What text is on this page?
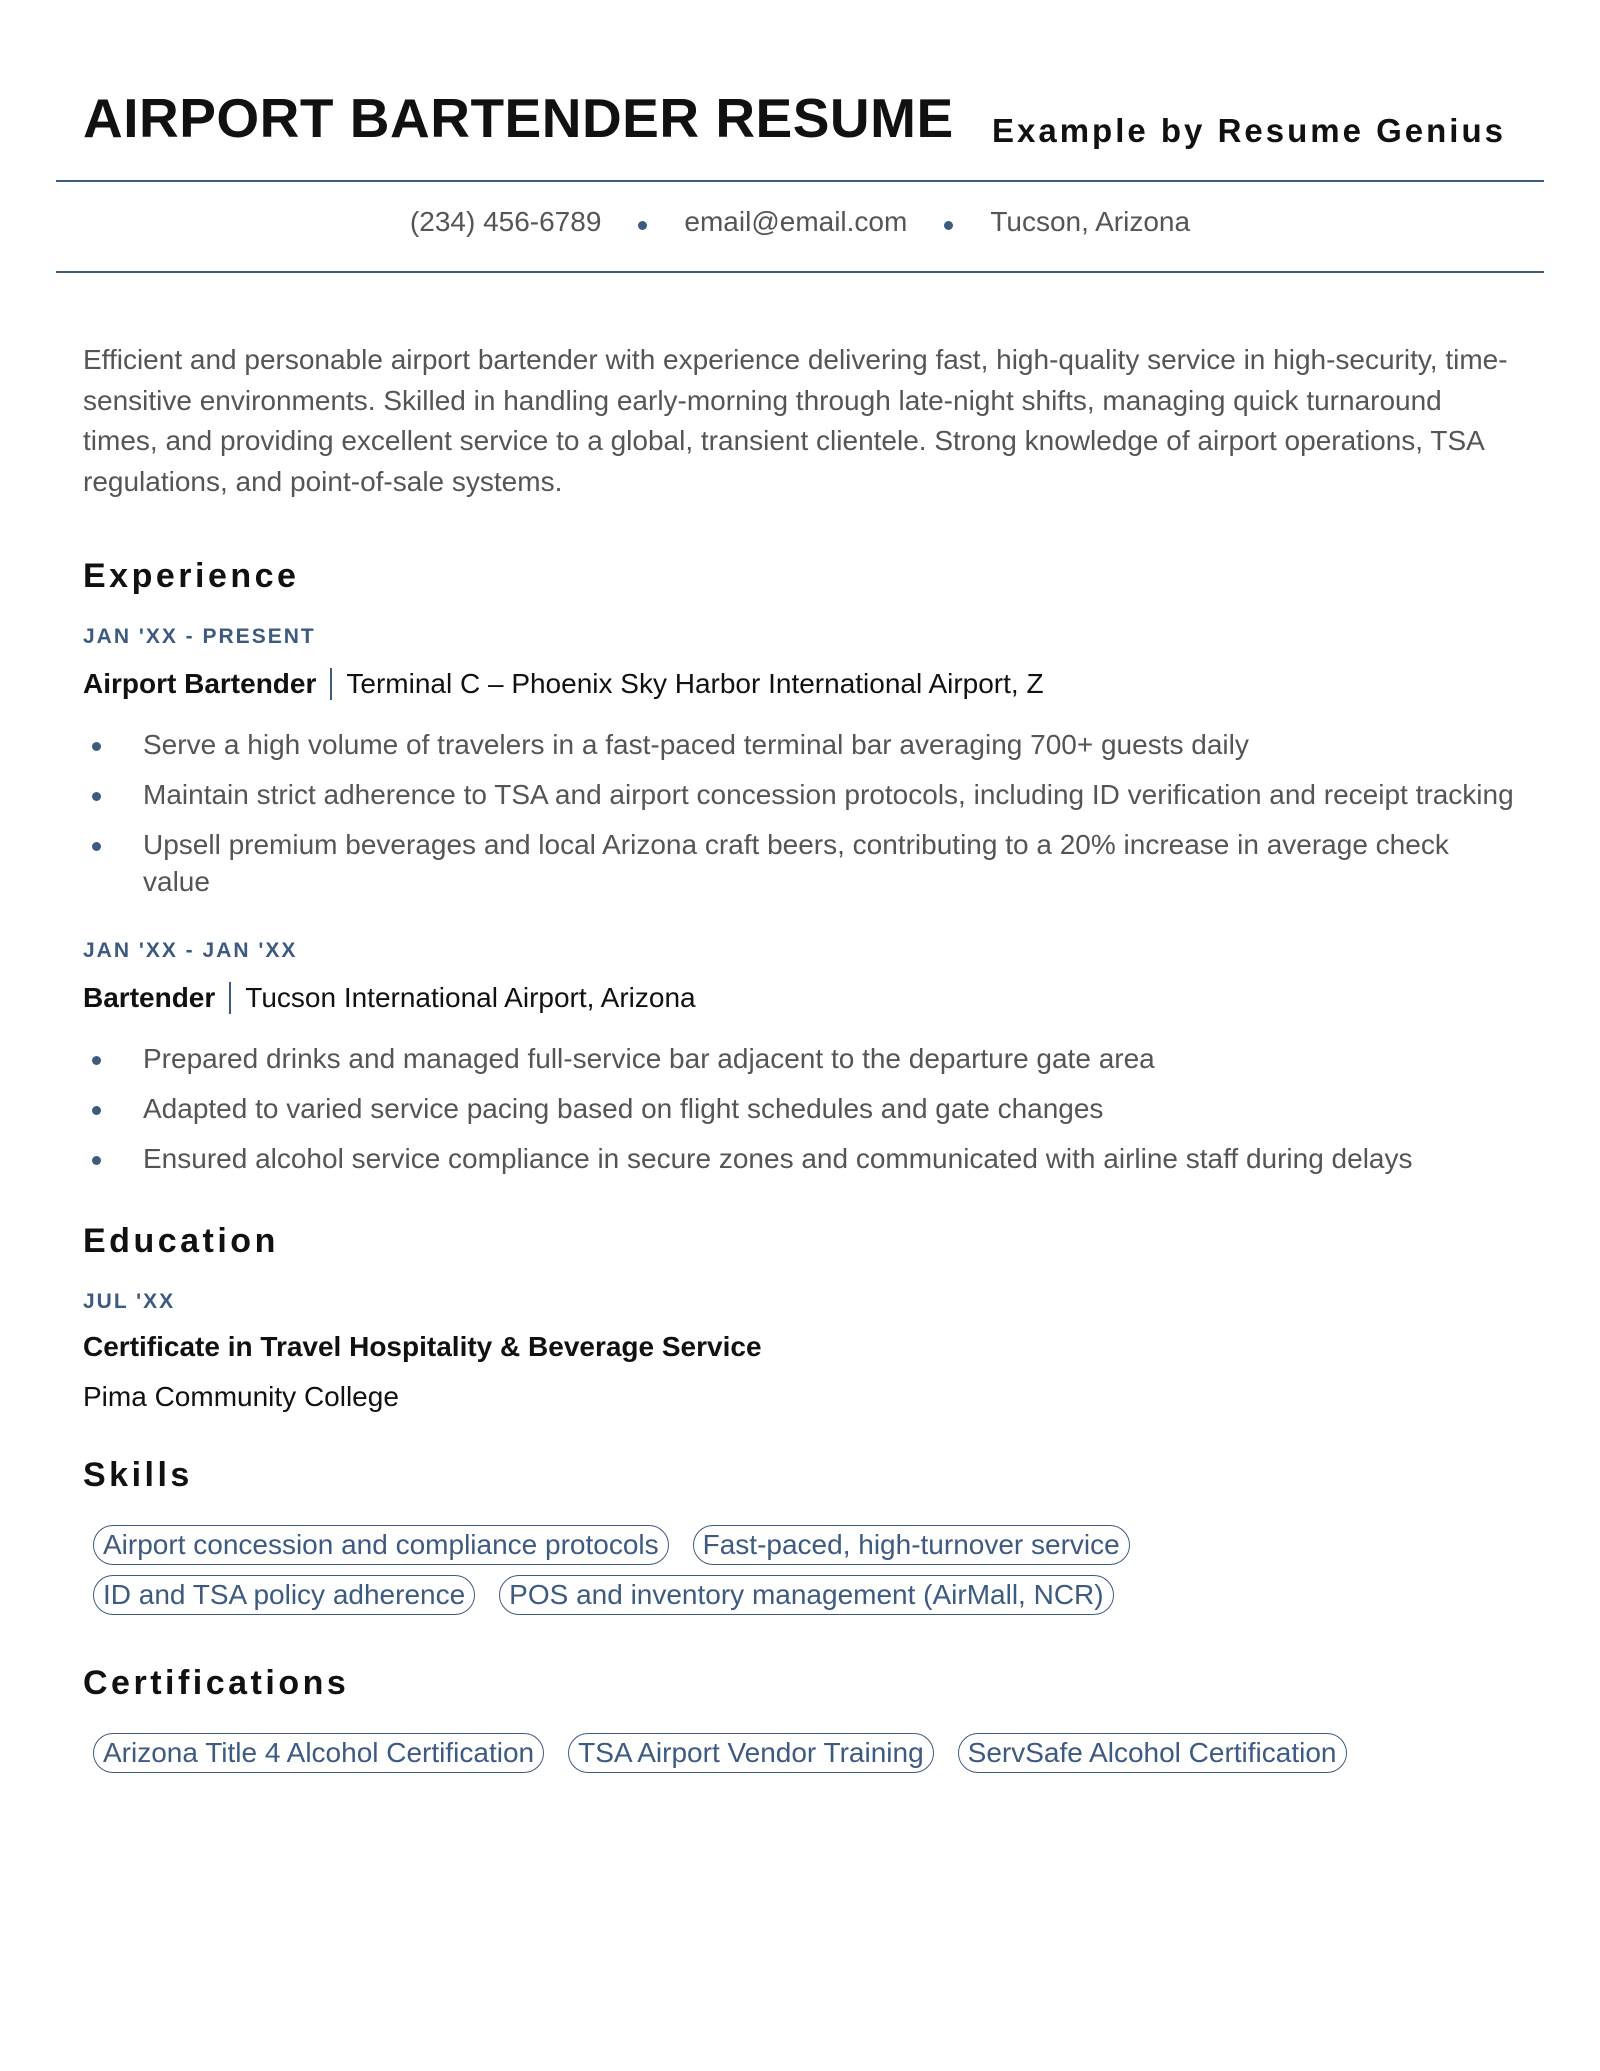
AIRPORT BARTENDER RESUME Example by Resume Genius
(234) 456-6789	email@email.com	Tucson, Arizona

Efficient and personable airport bartender with experience delivering fast, high-quality service in high-security, time-sensitive environments. Skilled in handling early-morning through late-night shifts, managing quick turnaround times, and providing excellent service to a global, transient clientele. Strong knowledge of airport operations, TSA regulations, and point-of-sale systems.

Experience
JAN 'XX - PRESENT
Airport Bartender Terminal C – Phoenix Sky Harbor International Airport, Z
Serve a high volume of travelers in a fast-paced terminal bar averaging 700+ guests daily
Maintain strict adherence to TSA and airport concession protocols, including ID verification and receipt tracking
Upsell premium beverages and local Arizona craft beers, contributing to a 20% increase in average check value
JAN 'XX - JAN 'XX
Bartender Tucson International Airport, Arizona
Prepared drinks and managed full-service bar adjacent to the departure gate area
Adapted to varied service pacing based on flight schedules and gate changes
Ensured alcohol service compliance in secure zones and communicated with airline staff during delays
Education
JUL 'XX
Certificate in Travel Hospitality & Beverage Service
Pima Community College
Skills
Airport concession and compliance protocols	Fast-paced, high-turnover service
ID and TSA policy adherence	POS and inventory management (AirMall, NCR)
Certifications
Arizona Title 4 Alcohol Certification	TSA Airport Vendor Training	ServSafe Alcohol Certification
